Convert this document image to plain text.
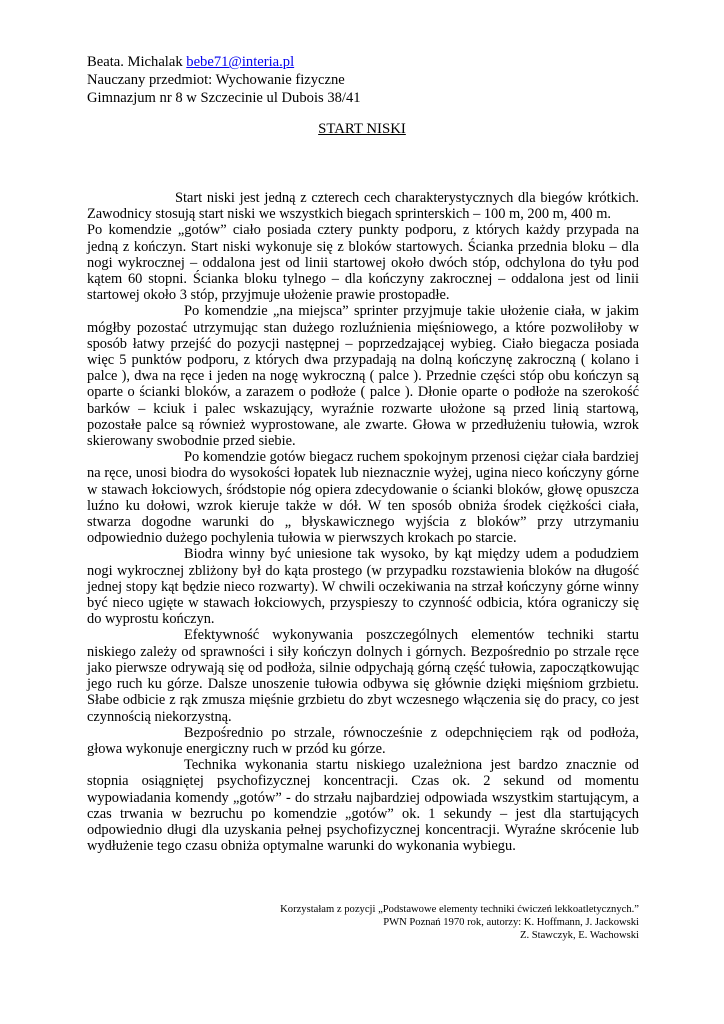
Beata. Michalak bebe71@interia.pl
Nauczany przedmiot: Wychowanie fizyczne
Gimnazjum nr 8 w Szczecinie ul Dubois 38/41
START NISKI

Start niski jest jedną z czterech cech charakterystycznych dla biegów krótkich. Zawodnicy stosują start niski we wszystkich biegach sprinterskich – 100 m, 200 m, 400 m.

Po komendzie „gotów” ciało posiada cztery punkty podporu, z których każdy przypada na jedną z kończyn. Start niski wykonuje się z bloków startowych. Ścianka przednia bloku – dla nogi wykrocznej – oddalona jest od linii startowej około dwóch stóp, odchylona do tyłu pod kątem 60 stopni. Ścianka bloku tylnego – dla kończyny zakrocznej – oddalona jest od linii startowej około 3 stóp, przyjmuje ułożenie prawie prostopadłe.

Po komendzie „na miejsca” sprinter przyjmuje takie ułożenie ciała, w jakim mógłby pozostać utrzymując stan dużego rozluźnienia mięśniowego, a które pozwoliłoby w sposób łatwy przejść do pozycji następnej – poprzedzającej wybieg. Ciało biegacza posiada więc 5 punktów podporu, z których dwa przypadają na dolną kończynę zakroczną ( kolano i palce ), dwa na ręce i jeden na nogę wykroczną ( palce ). Przednie części stóp obu kończyn są oparte o ścianki bloków, a zarazem o podłoże ( palce ). Dłonie oparte o podłoże na szerokość barków – kciuk i palec wskazujący, wyraźnie rozwarte ułożone są przed linią startową, pozostałe palce są również wyprostowane, ale zwarte. Głowa w przedłużeniu tułowia, wzrok skierowany swobodnie przed siebie.

Po komendzie gotów biegacz ruchem spokojnym przenosi ciężar ciała bardziej na ręce, unosi biodra do wysokości łopatek lub nieznacznie wyżej, ugina nieco kończyny górne w stawach łokciowych, śródstopie nóg opiera zdecydowanie o ścianki bloków, głowę opuszcza luźno ku dołowi, wzrok kieruje także w dół. W ten sposób obniża środek ciężkości ciała, stwarza dogodne warunki do „ błyskawicznego wyjścia z bloków” przy utrzymaniu odpowiednio dużego pochylenia tułowia w pierwszych krokach po starcie.

Biodra winny być uniesione tak wysoko, by kąt między udem a podudziem nogi wykrocznej zbliżony był do kąta prostego (w przypadku rozstawienia bloków na długość jednej stopy kąt będzie nieco rozwarty). W chwili oczekiwania na strzał kończyny górne winny być nieco ugięte w stawach łokciowych, przyspieszy to czynność odbicia, która ograniczy się do wyprostu kończyn.

Efektywność wykonywania poszczególnych elementów techniki startu niskiego zależy od sprawności i siły kończyn dolnych i górnych. Bezpośrednio po strzale ręce jako pierwsze odrywają się od podłoża, silnie odpychają górną część tułowia, zapoczątkowując jego ruch ku górze. Dalsze unoszenie tułowia odbywa się głównie dzięki mięśniom grzbietu. Słabe odbicie z rąk zmusza mięśnie grzbietu do zbyt wczesnego włączenia się do pracy, co jest czynnością niekorzystną.

Bezpośrednio po strzale, równocześnie z odepchnięciem rąk od podłoża, głowa wykonuje energiczny ruch w przód ku górze.

Technika wykonania startu niskiego uzależniona jest bardzo znacznie od stopnia osiągniętej psychofizycznej koncentracji. Czas ok. 2 sekund od momentu wypowiadania komendy „gotów” - do strzału najbardziej odpowiada wszystkim startującym, a czas trwania w bezruchu po komendzie „gotów” ok. 1 sekundy – jest dla startujących odpowiednio długi dla uzyskania pełnej psychofizycznej koncentracji. Wyraźne skrócenie lub wydłużenie tego czasu obniża optymalne warunki do wykonania wybiegu.

Korzystałam z pozycji „Podstawowe elementy techniki ćwiczeń lekkoatletycznych.”
PWN Poznań 1970 rok, autorzy: K. Hoffmann, J. Jackowski
Z. Stawczyk, E. Wachowski
